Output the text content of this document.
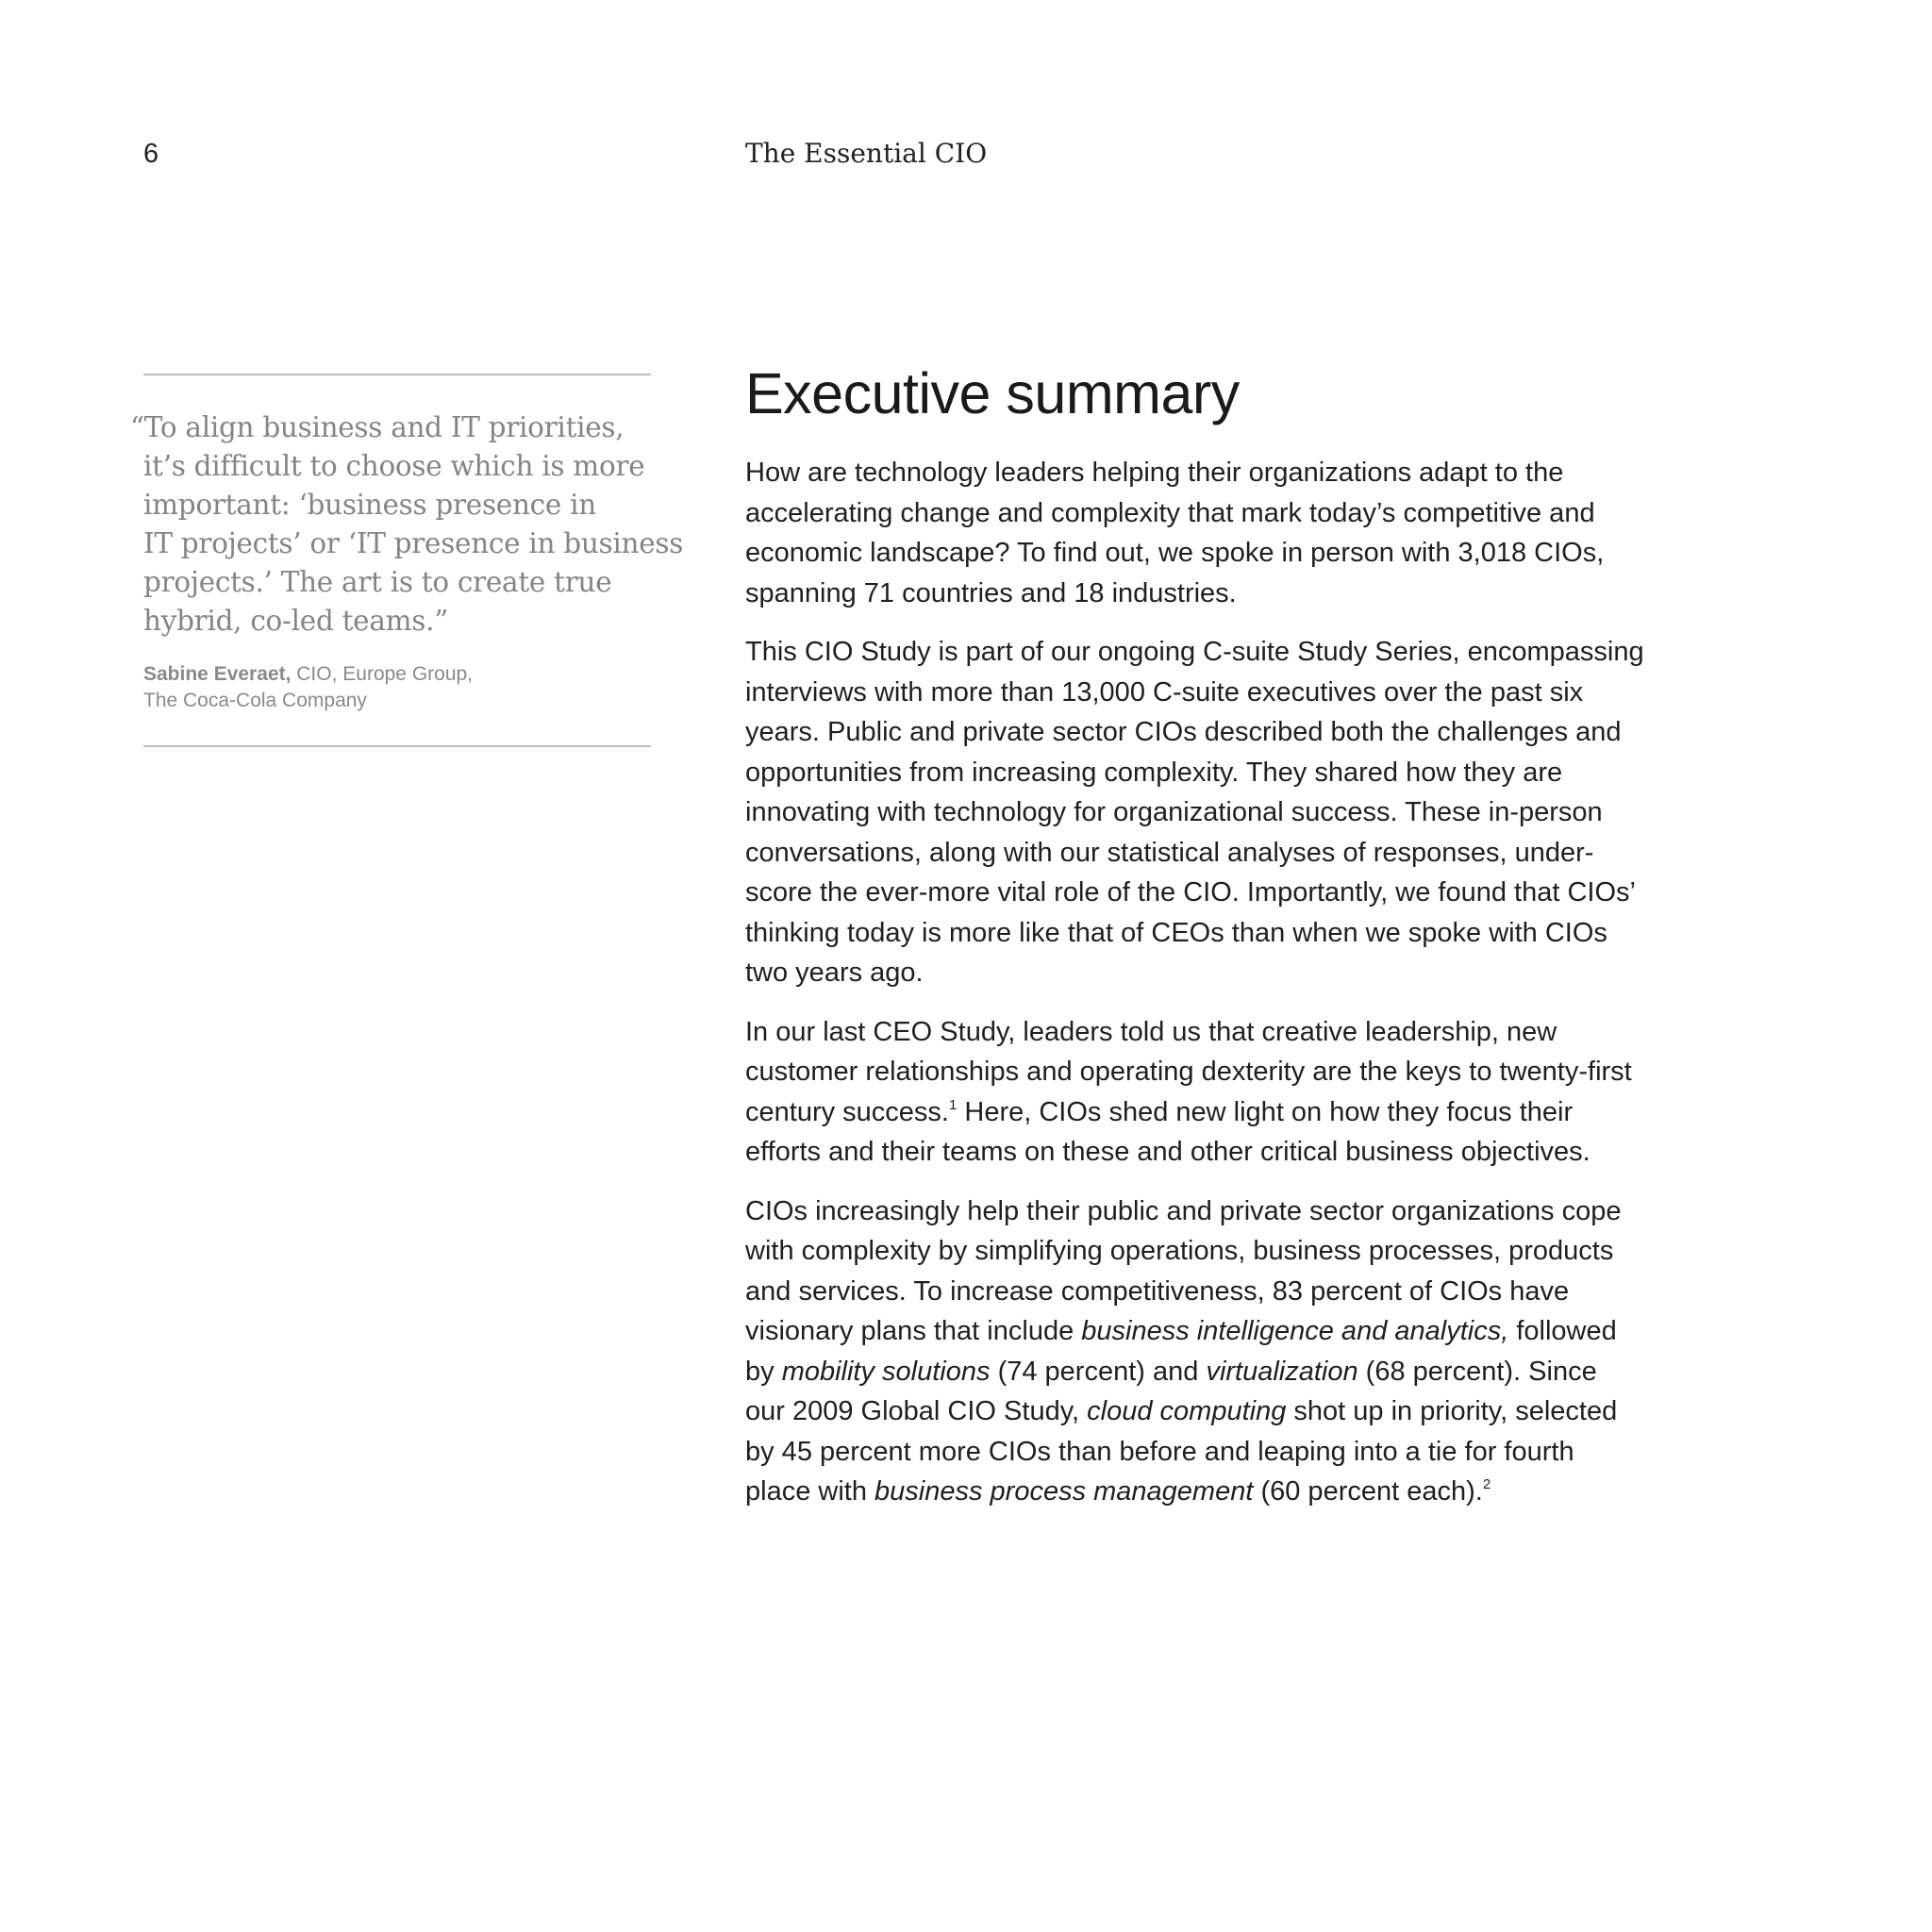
6	The Essential CIO
“To align business and IT priorities,
it’s difficult to choose which is more
important: ‘business presence in
IT projects’ or ‘IT presence in business
projects.’ The art is to create true
hybrid, co-led teams.”
Sabine Everaet, CIO, Europe Group,
The Coca-Cola Company
Executive summary

How are technology leaders helping their organizations adapt to the
accelerating change and complexity that mark today’s competitive and
economic landscape? To find out, we spoke in person with 3,018 CIOs,
spanning 71 countries and 18 industries.

This CIO Study is part of our ongoing C-suite Study Series, encompassing
interviews with more than 13,000 C-suite executives over the past six
years. Public and private sector CIOs described both the challenges and
opportunities from increasing complexity. They shared how they are
innovating with technology for organizational success. These in-person
conversations, along with our statistical analyses of responses, under-
score the ever-more vital role of the CIO. Importantly, we found that CIOs’
thinking today is more like that of CEOs than when we spoke with CIOs
two years ago.

In our last CEO Study, leaders told us that creative leadership, new
customer relationships and operating dexterity are the keys to twenty-first
century success.$^1$ Here, CIOs shed new light on how they focus their
efforts and their teams on these and other critical business objectives.

CIOs increasingly help their public and private sector organizations cope
with complexity by simplifying operations, business processes, products
and services. To increase competitiveness, 83 percent of CIOs have
visionary plans that include business intelligence and analytics, followed
by mobility solutions (74 percent) and virtualization (68 percent). Since
our 2009 Global CIO Study, cloud computing shot up in priority, selected
by 45 percent more CIOs than before and leaping into a tie for fourth
place with business process management (60 percent each).$^2$
